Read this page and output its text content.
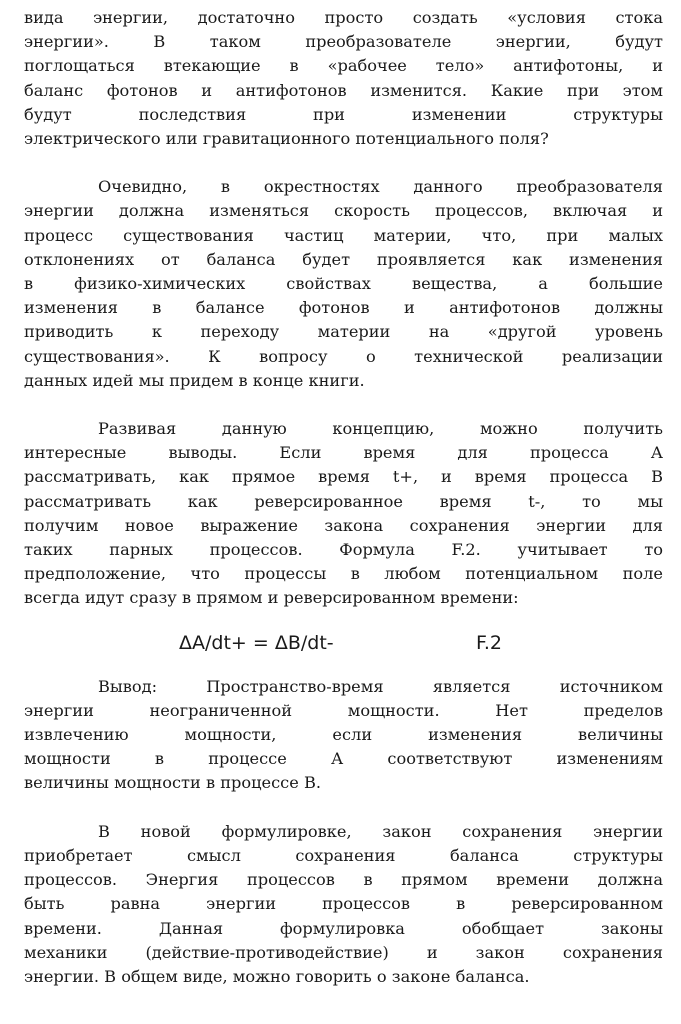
вида энергии, достаточно просто создать «условия стока
энергии». В таком преобразователе энергии, будут
поглощаться втекающие в «рабочее тело» антифотоны, и
баланс фотонов и антифотонов изменится. Какие при этом
будут последствия при изменении структуры
электрического или гравитационного потенциального поля?

Очевидно, в окрестностях данного преобразователя
энергии должна изменяться скорость процессов, включая и
процесс существования частиц материи, что, при малых
отклонениях от баланса будет проявляется как изменения
в физико-химических свойствах вещества, а большие
изменения в балансе фотонов и антифотонов должны
приводить к переходу материи на «другой уровень
существования». К вопросу о технической реализации
данных идей мы придем в конце книги.

Развивая данную концепцию, можно получить
интересные выводы. Если время для процесса А
рассматривать, как прямое время t+, и время процесса В
рассматривать как реверсированное время t-, то мы
получим новое выражение закона сохранения энергии для
таких парных процессов. Формула F.2. учитывает то
предположение, что процессы в любом потенциальном поле
всегда идут сразу в прямом и реверсированном времени:

ΔA/dt+ = ΔB/dt-	F.2

Вывод: Пространство-время является источником
энергии неограниченной мощности. Нет пределов
извлечению мощности, если изменения величины
мощности в процессе А соответствуют изменениям
величины мощности в процессе В.

В новой формулировке, закон сохранения энергии
приобретает смысл сохранения баланса структуры
процессов. Энергия процессов в прямом времени должна
быть равна энергии процессов в реверсированном
времени. Данная формулировка обобщает законы
механики (действие-противодействие) и закон сохранения
энергии. В общем виде, можно говорить о законе баланса.
